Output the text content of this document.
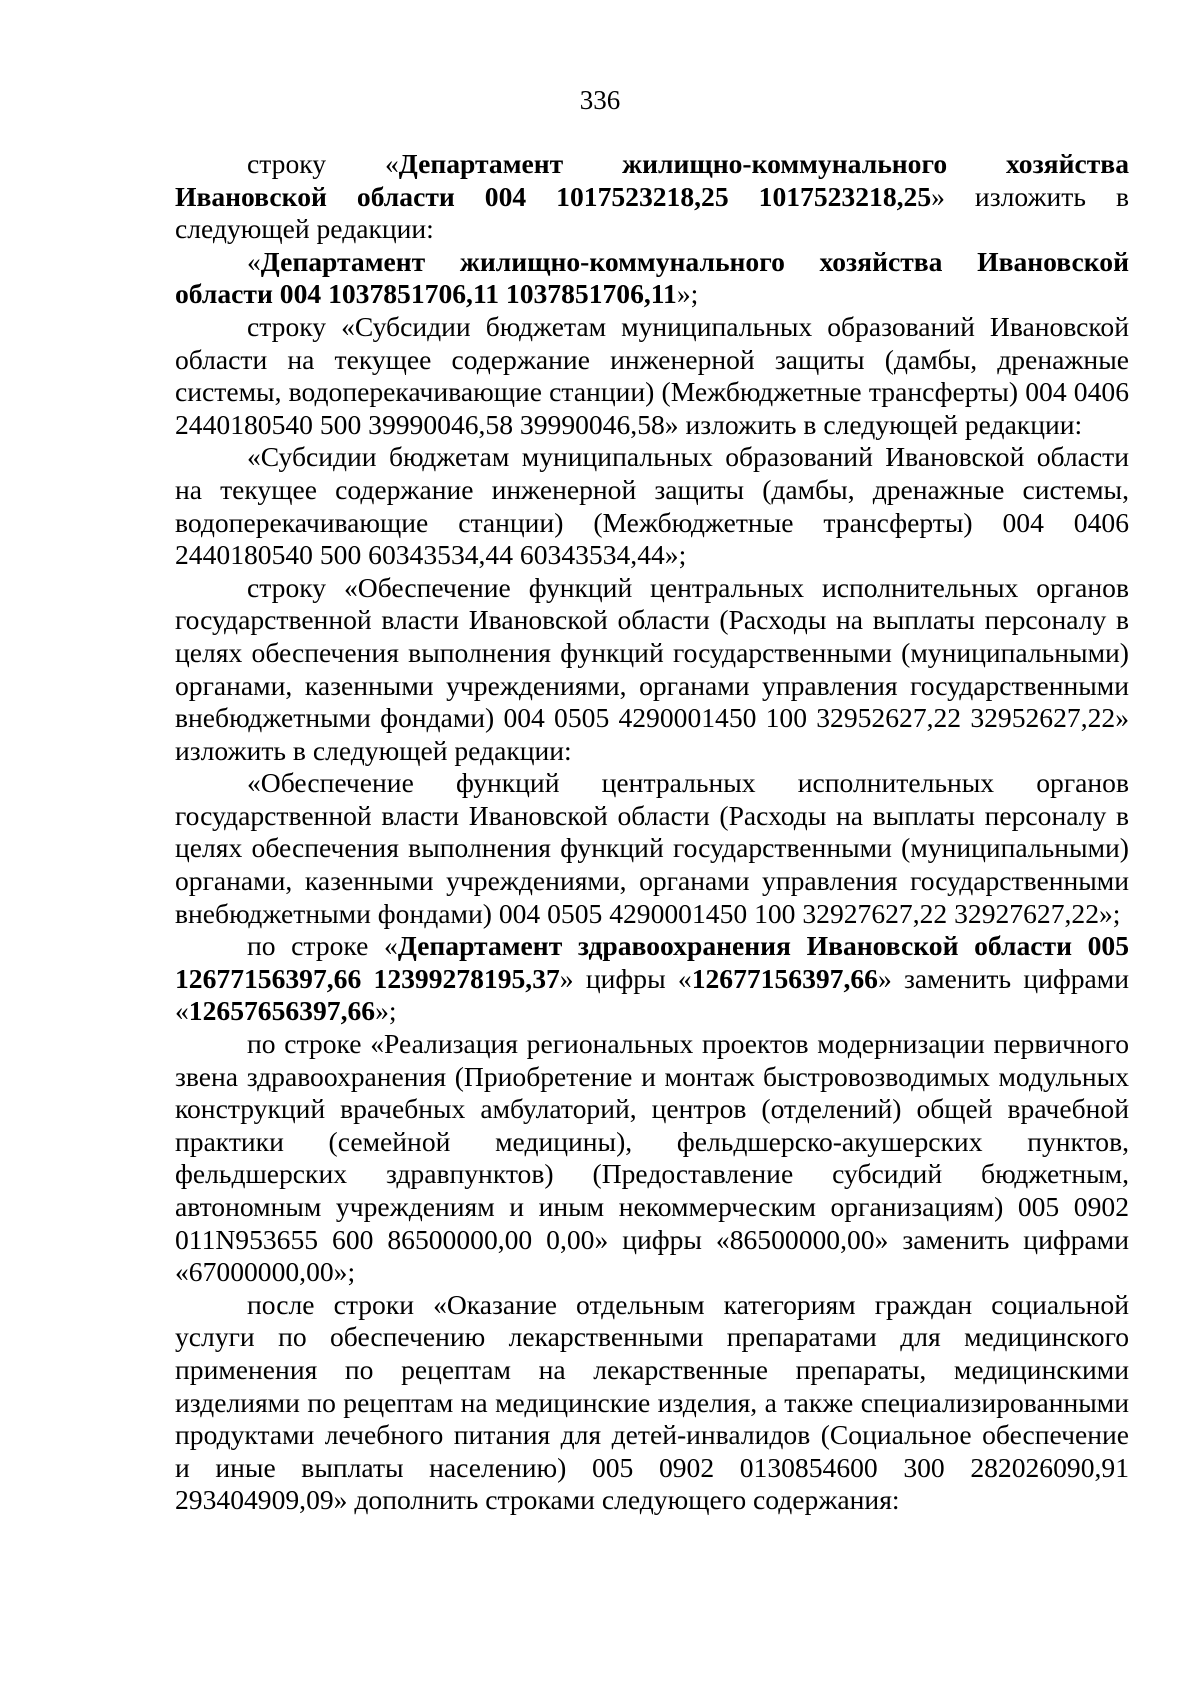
336

строку «Департамент жилищно-коммунального хозяйства Ивановской области 004 1017523218,25 1017523218,25» изложить в следующей редакции:

«Департамент жилищно-коммунального хозяйства Ивановской области 004 1037851706,11 1037851706,11»;

строку «Субсидии бюджетам муниципальных образований Ивановской области на текущее содержание инженерной защиты (дамбы, дренажные системы, водоперекачивающие станции) (Межбюджетные трансферты) 004 0406 2440180540 500 39990046,58 39990046,58» изложить в следующей редакции:

«Субсидии бюджетам муниципальных образований Ивановской области на текущее содержание инженерной защиты (дамбы, дренажные системы, водоперекачивающие станции) (Межбюджетные трансферты) 004 0406 2440180540 500 60343534,44 60343534,44»;

строку «Обеспечение функций центральных исполнительных органов государственной власти Ивановской области (Расходы на выплаты персоналу в целях обеспечения выполнения функций государственными (муниципальными) органами, казенными учреждениями, органами управления государственными внебюджетными фондами) 004 0505 4290001450 100 32952627,22 32952627,22» изложить в следующей редакции:

«Обеспечение функций центральных исполнительных органов государственной власти Ивановской области (Расходы на выплаты персоналу в целях обеспечения выполнения функций государственными (муниципальными) органами, казенными учреждениями, органами управления государственными внебюджетными фондами) 004 0505 4290001450 100 32927627,22 32927627,22»;

по строке «Департамент здравоохранения Ивановской области 005 12677156397,66 12399278195,37» цифры «12677156397,66» заменить цифрами «12657656397,66»;

по строке «Реализация региональных проектов модернизации первичного звена здравоохранения (Приобретение и монтаж быстровозводимых модульных конструкций врачебных амбулаторий, центров (отделений) общей врачебной практики (семейной медицины), фельдшерско-акушерских пунктов, фельдшерских здравпунктов) (Предоставление субсидий бюджетным, автономным учреждениям и иным некоммерческим организациям) 005 0902 011N953655 600 86500000,00 0,00» цифры «86500000,00» заменить цифрами «67000000,00»;

после строки «Оказание отдельным категориям граждан социальной услуги по обеспечению лекарственными препаратами для медицинского применения по рецептам на лекарственные препараты, медицинскими изделиями по рецептам на медицинские изделия, а также специализированными продуктами лечебного питания для детей-инвалидов (Социальное обеспечение и иные выплаты населению) 005 0902 0130854600 300 282026090,91 293404909,09» дополнить строками следующего содержания:
